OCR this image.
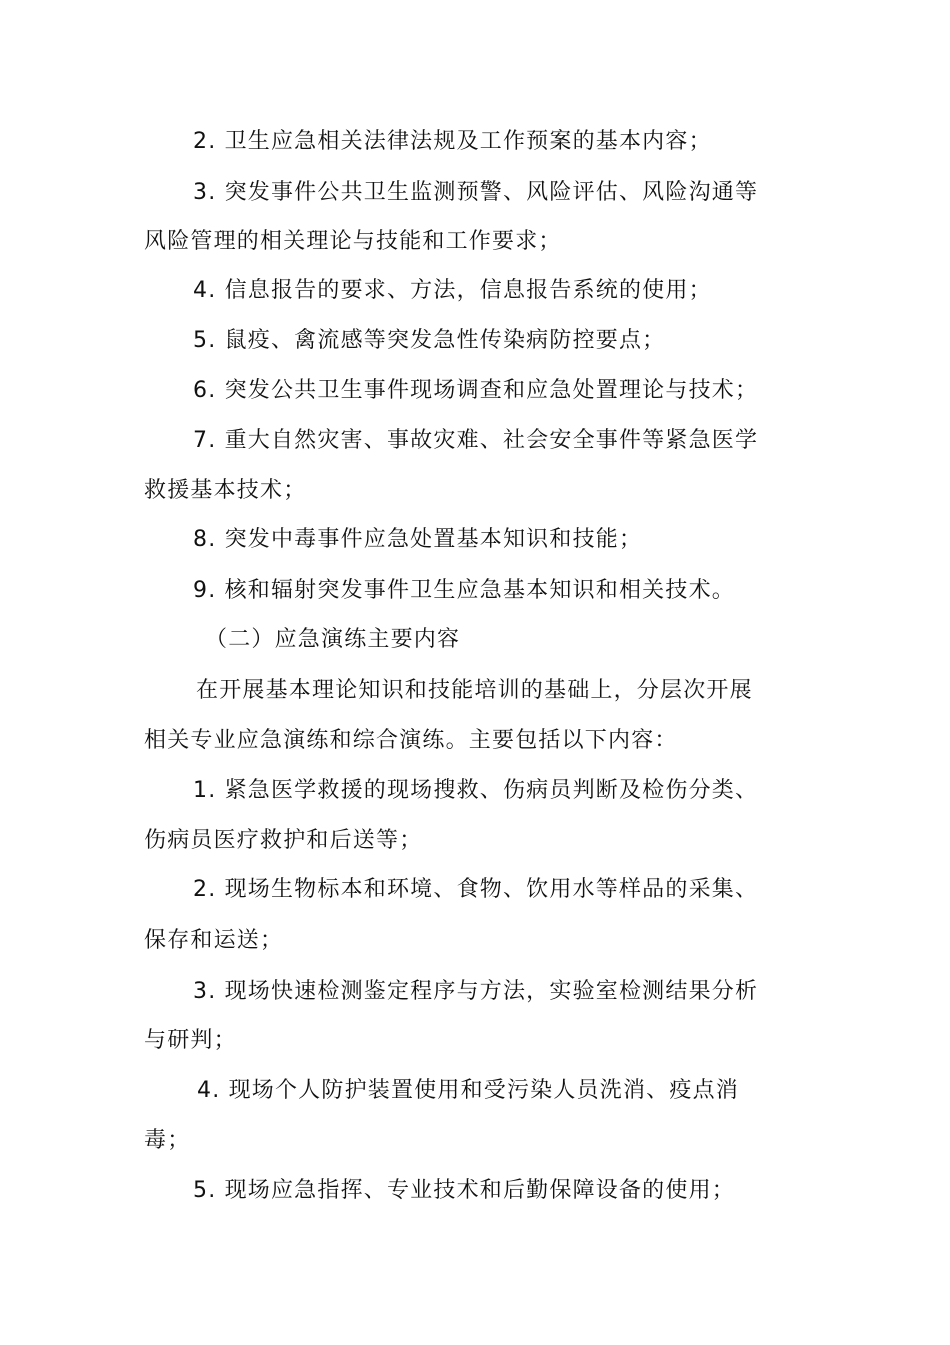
2. 卫生应急相关法律法规及工作预案的基本内容；
3. 突发事件公共卫生监测预警、风险评估、风险沟通等
风险管理的相关理论与技能和工作要求；
4. 信息报告的要求、方法，信息报告系统的使用；
5. 鼠疫、禽流感等突发急性传染病防控要点；
6. 突发公共卫生事件现场调查和应急处置理论与技术；
7. 重大自然灾害、事故灾难、社会安全事件等紧急医学
救援基本技术；
8. 突发中毒事件应急处置基本知识和技能；
9. 核和辐射突发事件卫生应急基本知识和相关技术。
（二）应急演练主要内容
在开展基本理论知识和技能培训的基础上，分层次开展
相关专业应急演练和综合演练。主要包括以下内容：
1. 紧急医学救援的现场搜救、伤病员判断及检伤分类、
伤病员医疗救护和后送等；
2. 现场生物标本和环境、食物、饮用水等样品的采集、
保存和运送；
3. 现场快速检测鉴定程序与方法，实验室检测结果分析
与研判；
4. 现场个人防护装置使用和受污染人员洗消、疫点消
毒；
5. 现场应急指挥、专业技术和后勤保障设备的使用；
